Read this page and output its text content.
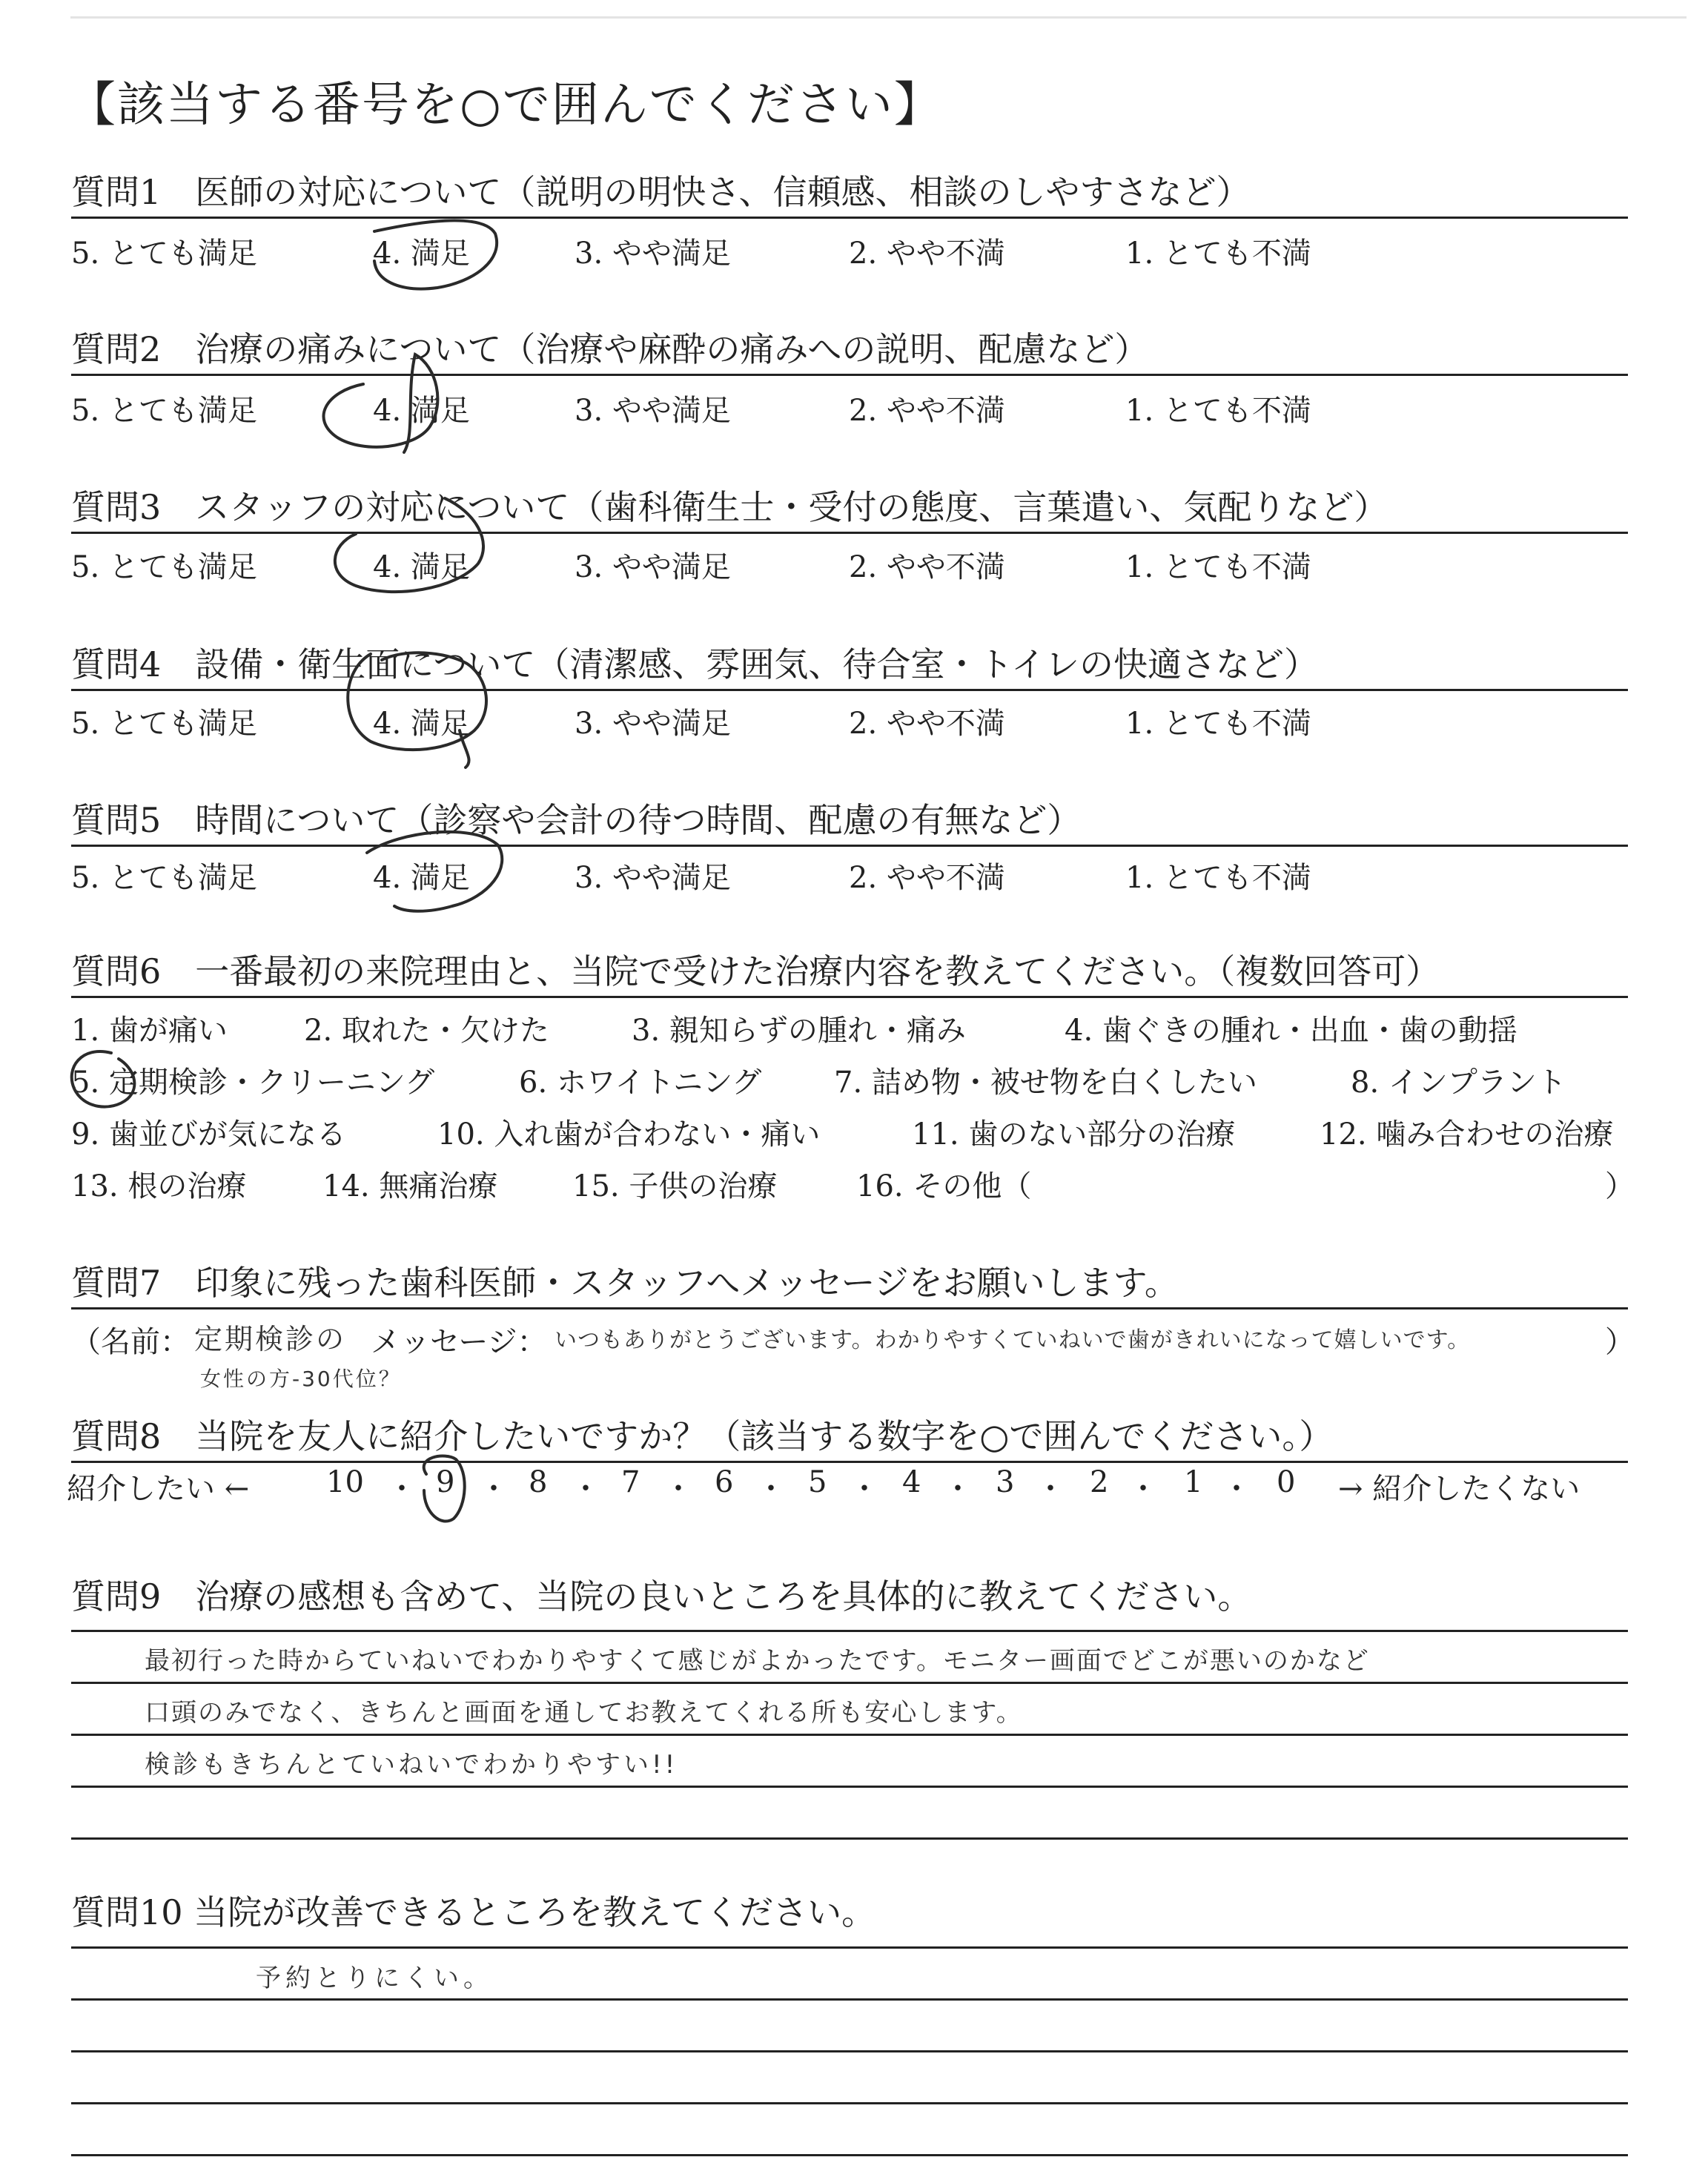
【該当する番号を○で囲んでください】
質問1　医師の対応について（説明の明快さ、信頼感、相談のしやすさなど）
5. とても満足	4. 満足	3. やや満足	2. やや不満	1. とても不満
質問2　治療の痛みについて（治療や麻酔の痛みへの説明、配慮など）
5. とても満足	4. 満足	3. やや満足	2. やや不満	1. とても不満
質問3　スタッフの対応について（歯科衛生士・受付の態度、言葉遣い、気配りなど）
5. とても満足	4. 満足	3. やや満足	2. やや不満	1. とても不満
質問4　設備・衛生面について（清潔感、雰囲気、待合室・トイレの快適さなど）
5. とても満足	4. 満足	3. やや満足	2. やや不満	1. とても不満
質問5　時間について（診察や会計の待つ時間、配慮の有無など）
5. とても満足	4. 満足	3. やや満足	2. やや不満	1. とても不満
質問6　一番最初の来院理由と、当院で受けた治療内容を教えてください。（複数回答可）
1. 歯が痛い	2. 取れた・欠けた	3. 親知らずの腫れ・痛み	4. 歯ぐきの腫れ・出血・歯の動揺
5. 定期検診・クリーニング	6. ホワイトニング 7. 詰め物・被せ物を白くしたい	8. インプラント
9. 歯並びが気になる	10. 入れ歯が合わない・痛い	11. 歯のない部分の治療	12. 噛み合わせの治療
13. 根の治療	14. 無痛治療	15. 子供の治療	16. その他（	）
質問7　印象に残った歯科医師・スタッフへメッセージをお願いします。
（名前： 定期検診の
女性の方-30代位？
メッセージ： いつもありがとうございます。わかりやすくていねいで歯がきれいになって嬉しいです。	）
質問8　当院を友人に紹介したいですか？（該当する数字を○で囲んでください。）
紹介したい ←	10 ・ 9 ・ 8 ・ 7 ・ 6 ・ 5 ・ 4 ・ 3 ・ 2 ・ 1 ・ 0 → 紹介したくない
質問9　治療の感想も含めて、当院の良いところを具体的に教えてください。
最初行った時からていねいでわかりやすくて感じがよかったです。モニター画面でどこが悪いのかなど
口頭のみでなく、きちんと画面を通してお教えてくれる所も安心します。
検診もきちんとていねいでわかりやすい!!
質問10 当院が改善できるところを教えてください。
予約とりにくい。
